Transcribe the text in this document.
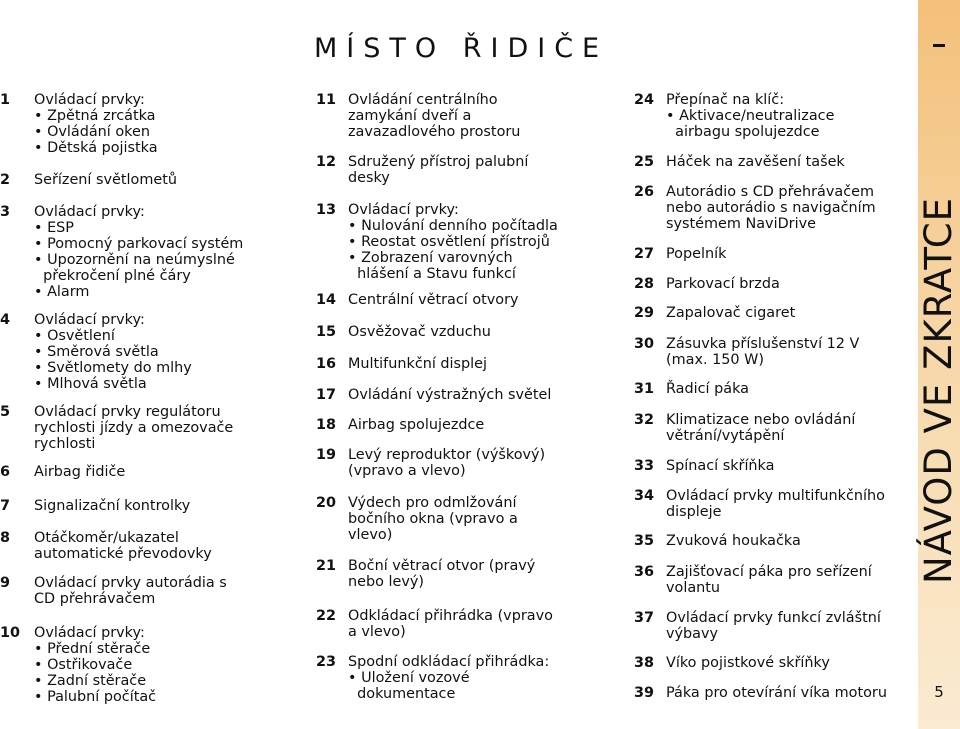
MÍSTO ŘIDIČE
1 Ovládací prvky:
• Zpětná zrcátka
• Ovládání oken
• Dětská pojistka
2 Seřízení světlometů
3 Ovládací prvky:
• ESP
• Pomocný parkovací systém
• Upozornění na neúmyslné
překročení plné čáry
• Alarm
4 Ovládací prvky:
• Osvětlení
• Směrová světla
• Světlomety do mlhy
• Mlhová světla
5 Ovládací prvky regulátoru
rychlosti jízdy a omezovače
rychlosti
6 Airbag řidiče
7 Signalizační kontrolky
8 Otáčkoměr/ukazatel
automatické převodovky
9 Ovládací prvky autorádia s
CD přehrávačem
10 Ovládací prvky:
• Přední stěrače
• Ostřikovače
• Zadní stěrače
• Palubní počítač
11 Ovládání centrálního
zamykání dveří a
zavazadlového prostoru
12 Sdružený přístroj palubní
desky
13 Ovládací prvky:
• Nulování denního počítadla
• Reostat osvětlení přístrojů
• Zobrazení varovných
hlášení a Stavu funkcí
14 Centrální větrací otvory
15 Osvěžovač vzduchu
16 Multifunkční displej
17 Ovládání výstražných světel
18 Airbag spolujezdce
19 Levý reproduktor (výškový)
(vpravo a vlevo)
20 Výdech pro odmlžování
bočního okna (vpravo a
vlevo)
21 Boční větrací otvor (pravý
nebo levý)
22 Odkládací přihrádka (vpravo
a vlevo)
23 Spodní odkládací přihrádka:
• Uložení vozové
dokumentace
24 Přepínač na klíč:
• Aktivace/neutralizace
airbagu spolujezdce
25 Háček na zavěšení tašek
26 Autorádio s CD přehrávačem
nebo autorádio s navigačním
systémem NaviDrive
27 Popelník
28 Parkovací brzda
29 Zapalovač cigaret
30 Zásuvka příslušenství 12 V
(max. 150 W)
31 Řadicí páka
32 Klimatizace nebo ovládání
větrání/vytápění
33 Spínací skříňka
34 Ovládací prvky multifunkčního
displeje
35 Zvuková houkačka
36 Zajišťovací páka pro seřízení
volantu
37 Ovládací prvky funkcí zvláštní
výbavy
38 Víko pojistkové skříňky
39 Páka pro otevírání víka motoru
NÁVOD VE ZKRATCE
5
